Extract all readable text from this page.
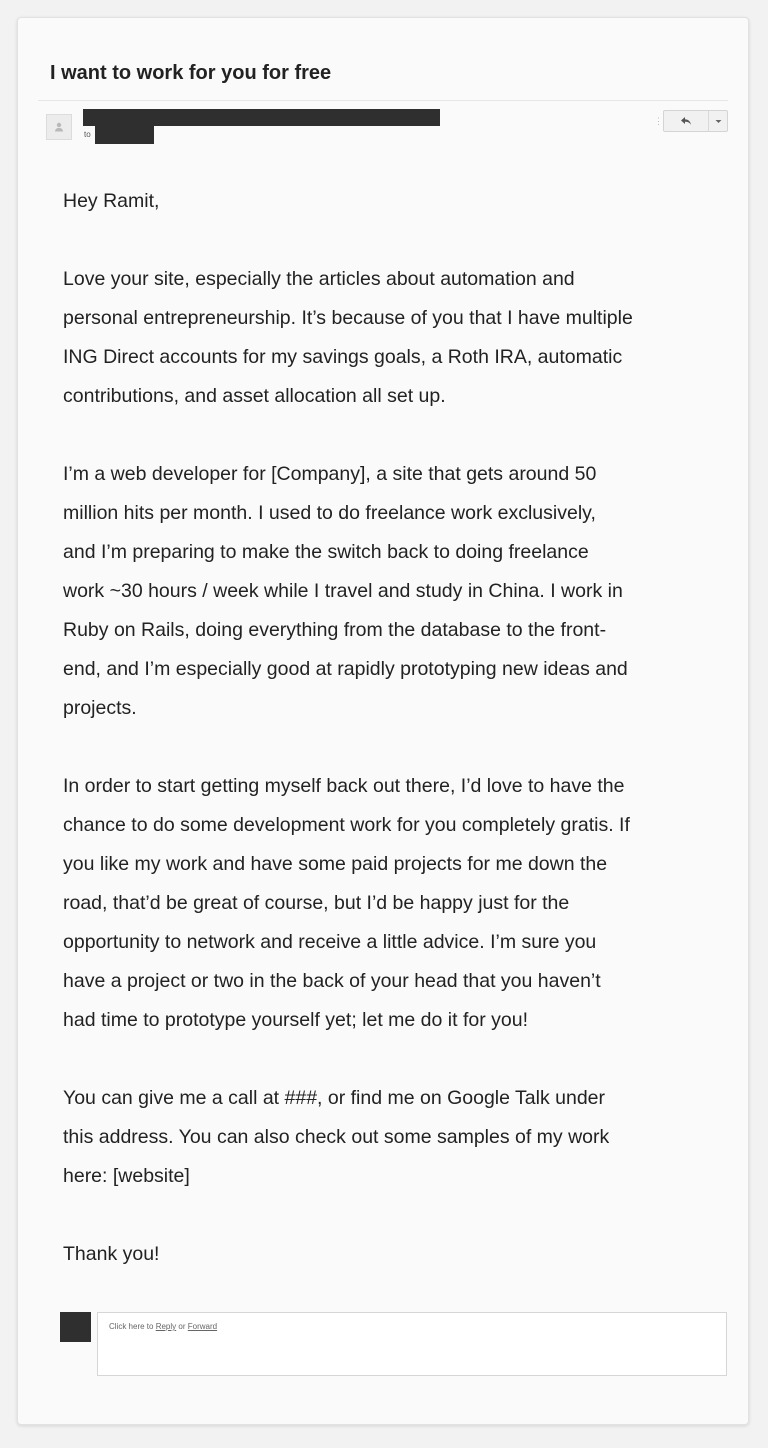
I want to work for you for free
to
⋮

Hey Ramit,

Love your site, especially the articles about automation and
personal entrepreneurship. It’s because of you that I have multiple
ING Direct accounts for my savings goals, a Roth IRA, automatic
contributions, and asset allocation all set up.

I’m a web developer for [Company], a site that gets around 50
million hits per month. I used to do freelance work exclusively,
and I’m preparing to make the switch back to doing freelance
work ~30 hours / week while I travel and study in China. I work in
Ruby on Rails, doing everything from the database to the front-
end, and I’m especially good at rapidly prototyping new ideas and
projects.

In order to start getting myself back out there, I’d love to have the
chance to do some development work for you completely gratis. If
you like my work and have some paid projects for me down the
road, that’d be great of course, but I’d be happy just for the
opportunity to network and receive a little advice. I’m sure you
have a project or two in the back of your head that you haven’t
had time to prototype yourself yet; let me do it for you!

You can give me a call at ###, or find me on Google Talk under
this address. You can also check out some samples of my work
here: [website]

Thank you!

Click here to Reply or Forward
